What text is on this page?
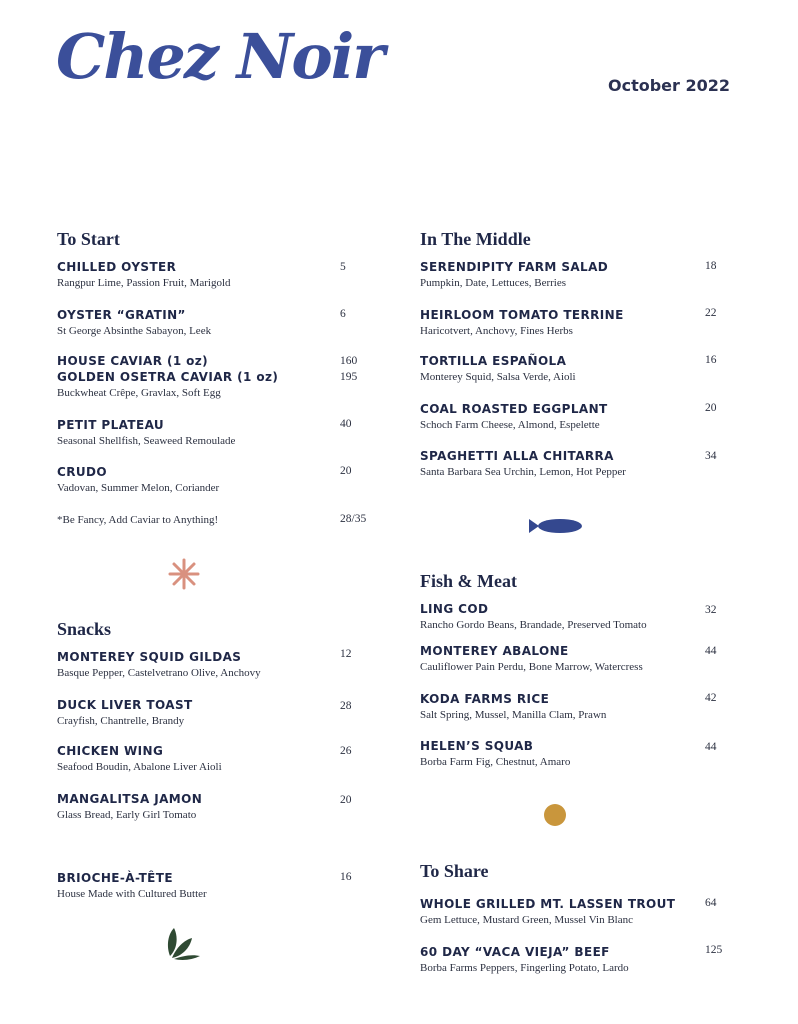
Chez Noir	October 2022
To Start
CHILLED OYSTER
Rangpur Lime, Passion Fruit, Marigold
5
OYSTER “GRATIN”
St George Absinthe Sabayon, Leek
6
HOUSE CAVIAR (1 oz)
GOLDEN OSETRA CAVIAR (1 oz)
Buckwheat Crêpe, Gravlax, Soft Egg
160
195
PETIT PLATEAU
Seasonal Shellfish, Seaweed Remoulade
40
CRUDO
Vadovan, Summer Melon, Coriander
20
*Be Fancy, Add Caviar to Anything!	28/35
Snacks
MONTEREY SQUID GILDAS
Basque Pepper, Castelvetrano Olive, Anchovy
12
DUCK LIVER TOAST
Crayfish, Chantrelle, Brandy
28
CHICKEN WING
Seafood Boudin, Abalone Liver Aioli
26
MANGALITSA JAMON
Glass Bread, Early Girl Tomato
20
BRIOCHE-À-TÊTE
House Made with Cultured Butter
16
In The Middle
SERENDIPITY FARM SALAD
Pumpkin, Date, Lettuces, Berries
18
HEIRLOOM TOMATO TERRINE
Haricotvert, Anchovy, Fines Herbs
22
TORTILLA ESPAÑOLA
Monterey Squid, Salsa Verde, Aioli
16
COAL ROASTED EGGPLANT
Schoch Farm Cheese, Almond, Espelette
20
SPAGHETTI ALLA CHITARRA
Santa Barbara Sea Urchin, Lemon, Hot Pepper
34
Fish & Meat
LING COD
Rancho Gordo Beans, Brandade, Preserved Tomato
32
MONTEREY ABALONE
Cauliflower Pain Perdu, Bone Marrow, Watercress
44
KODA FARMS RICE
Salt Spring, Mussel, Manilla Clam, Prawn
42
HELEN’S SQUAB
Borba Farm Fig, Chestnut, Amaro
44
To Share
WHOLE GRILLED MT. LASSEN TROUT
Gem Lettuce, Mustard Green, Mussel Vin Blanc
64
60 DAY “VACA VIEJA” BEEF
Borba Farms Peppers, Fingerling Potato, Lardo
125
